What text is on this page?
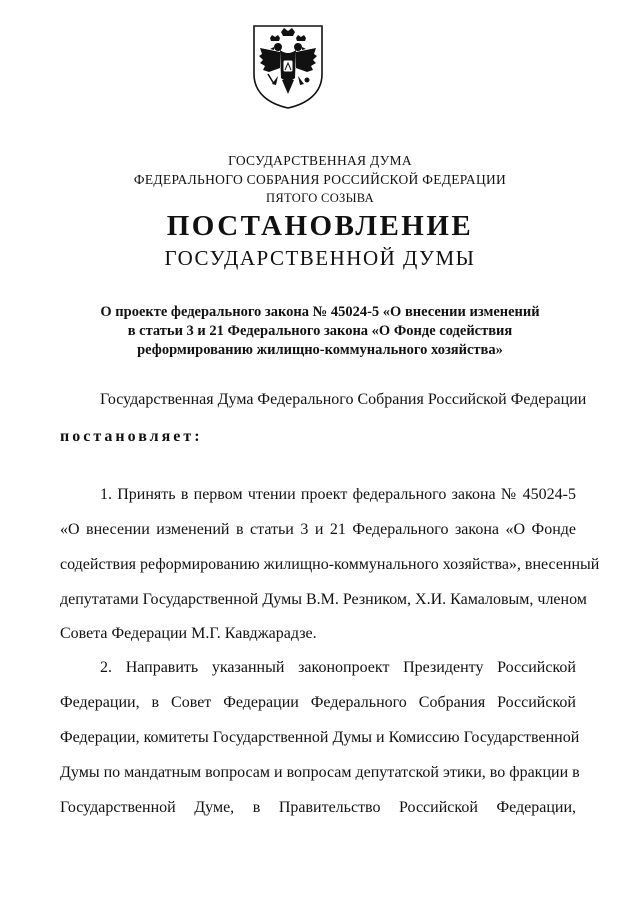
ГОСУДАРСТВЕННАЯ ДУМА
ФЕДЕРАЛЬНОГО СОБРАНИЯ РОССИЙСКОЙ ФЕДЕРАЦИИ
ПЯТОГО СОЗЫВА
ПОСТАНОВЛЕНИЕ
ГОСУДАРСТВЕННОЙ ДУМЫ
О проекте федерального закона № 45024-5 «О внесении изменений
в статьи 3 и 21 Федерального закона «О Фонде содействия
реформированию жилищно-коммунального хозяйства»
Государственная Дума Федерального Собрания Российской Федерации
постановляет:
1. Принять в первом чтении проект федерального закона № 45024-5
«О внесении изменений в статьи 3 и 21 Федерального закона «О Фонде
содействия реформированию жилищно-коммунального хозяйства», внесенный
депутатами Государственной Думы В.М. Резником, Х.И. Камаловым, членом
Совета Федерации М.Г. Кавджарадзе.
2. Направить указанный законопроект Президенту Российской
Федерации, в Совет Федерации Федерального Собрания Российской
Федерации, комитеты Государственной Думы и Комиссию Государственной
Думы по мандатным вопросам и вопросам депутатской этики, во фракции в
Государственной Думе, в Правительство Российской Федерации,
